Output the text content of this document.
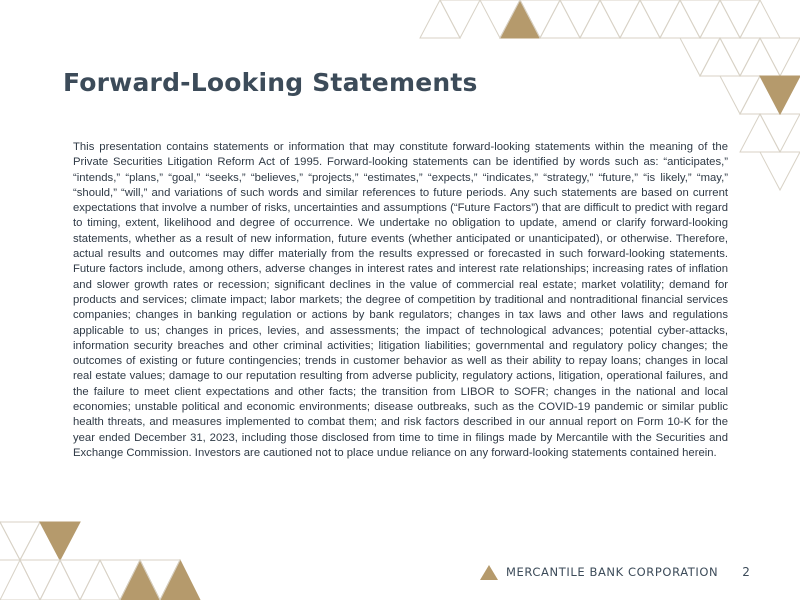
Forward-Looking Statements

This presentation contains statements or information that may constitute forward-looking statements within the meaning of the Private Securities Litigation Reform Act of 1995. Forward-looking statements can be identified by words such as: “anticipates,” “intends,” “plans,” “goal,” “seeks,” “believes,” “projects,” “estimates,” “expects,” “indicates,” “strategy,” “future,” “is likely,” “may,” “should,” “will,” and variations of such words and similar references to future periods. Any such statements are based on current expectations that involve a number of risks, uncertainties and assumptions (“Future Factors”) that are difficult to predict with regard to timing, extent, likelihood and degree of occurrence. We undertake no obligation to update, amend or clarify forward-looking statements, whether as a result of new information, future events (whether anticipated or unanticipated), or otherwise. Therefore, actual results and outcomes may differ materially from the results expressed or forecasted in such forward-looking statements. Future factors include, among others, adverse changes in interest rates and interest rate relationships; increasing rates of inflation and slower growth rates or recession; significant declines in the value of commercial real estate; market volatility; demand for products and services; climate impact; labor markets; the degree of competition by traditional and nontraditional financial services companies; changes in banking regulation or actions by bank regulators; changes in tax laws and other laws and regulations applicable to us; changes in prices, levies, and assessments; the impact of technological advances; potential cyber-attacks, information security breaches and other criminal activities; litigation liabilities; governmental and regulatory policy changes; the outcomes of existing or future contingencies; trends in customer behavior as well as their ability to repay loans; changes in local real estate values; damage to our reputation resulting from adverse publicity, regulatory actions, litigation, operational failures, and the failure to meet client expectations and other facts; the transition from LIBOR to SOFR; changes in the national and local economies; unstable political and economic environments; disease outbreaks, such as the COVID-19 pandemic or similar public health threats, and measures implemented to combat them; and risk factors described in our annual report on Form 10-K for the year ended December 31, 2023, including those disclosed from time to time in filings made by Mercantile with the Securities and Exchange Commission. Investors are cautioned not to place undue reliance on any forward-looking statements contained herein.

MERCANTILE BANK CORPORATION 2
